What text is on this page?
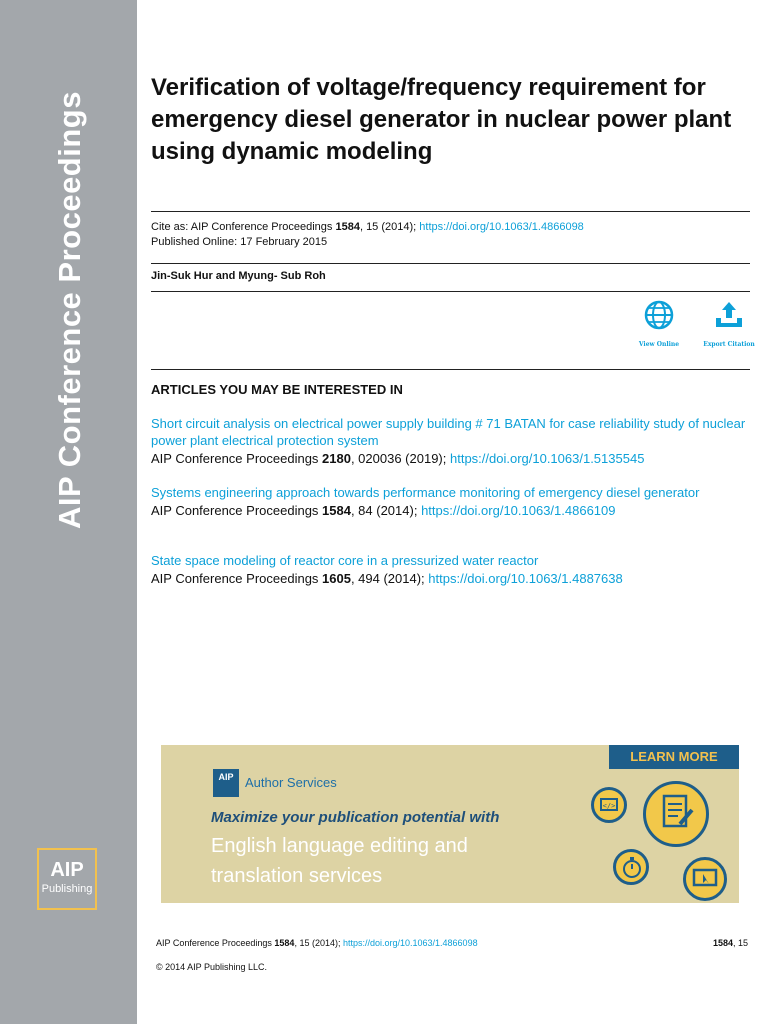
AIP Conference Proceedings
AIP
Publishing
Verification of voltage/frequency requirement for emergency diesel generator in nuclear power plant using dynamic modeling
Cite as: AIP Conference Proceedings 1584, 15 (2014); https://doi.org/10.1063/1.4866098
Published Online: 17 February 2015
Jin-Suk Hur and Myung- Sub Roh
View Online	Export Citation
ARTICLES YOU MAY BE INTERESTED IN
Short circuit analysis on electrical power supply building # 71 BATAN for case reliability study of nuclear power plant electrical protection system
AIP Conference Proceedings 2180, 020036 (2019); https://doi.org/10.1063/1.5135545
Systems engineering approach towards performance monitoring of emergency diesel generator
AIP Conference Proceedings 1584, 84 (2014); https://doi.org/10.1063/1.4866109
State space modeling of reactor core in a pressurized water reactor
AIP Conference Proceedings 1605, 494 (2014); https://doi.org/10.1063/1.4887638
LEARN MORE
AIP Author Services
Maximize your publication potential with
English language editing and
translation services
</>
AIP Conference Proceedings 1584, 15 (2014); https://doi.org/10.1063/1.4866098	1584, 15
© 2014 AIP Publishing LLC.
